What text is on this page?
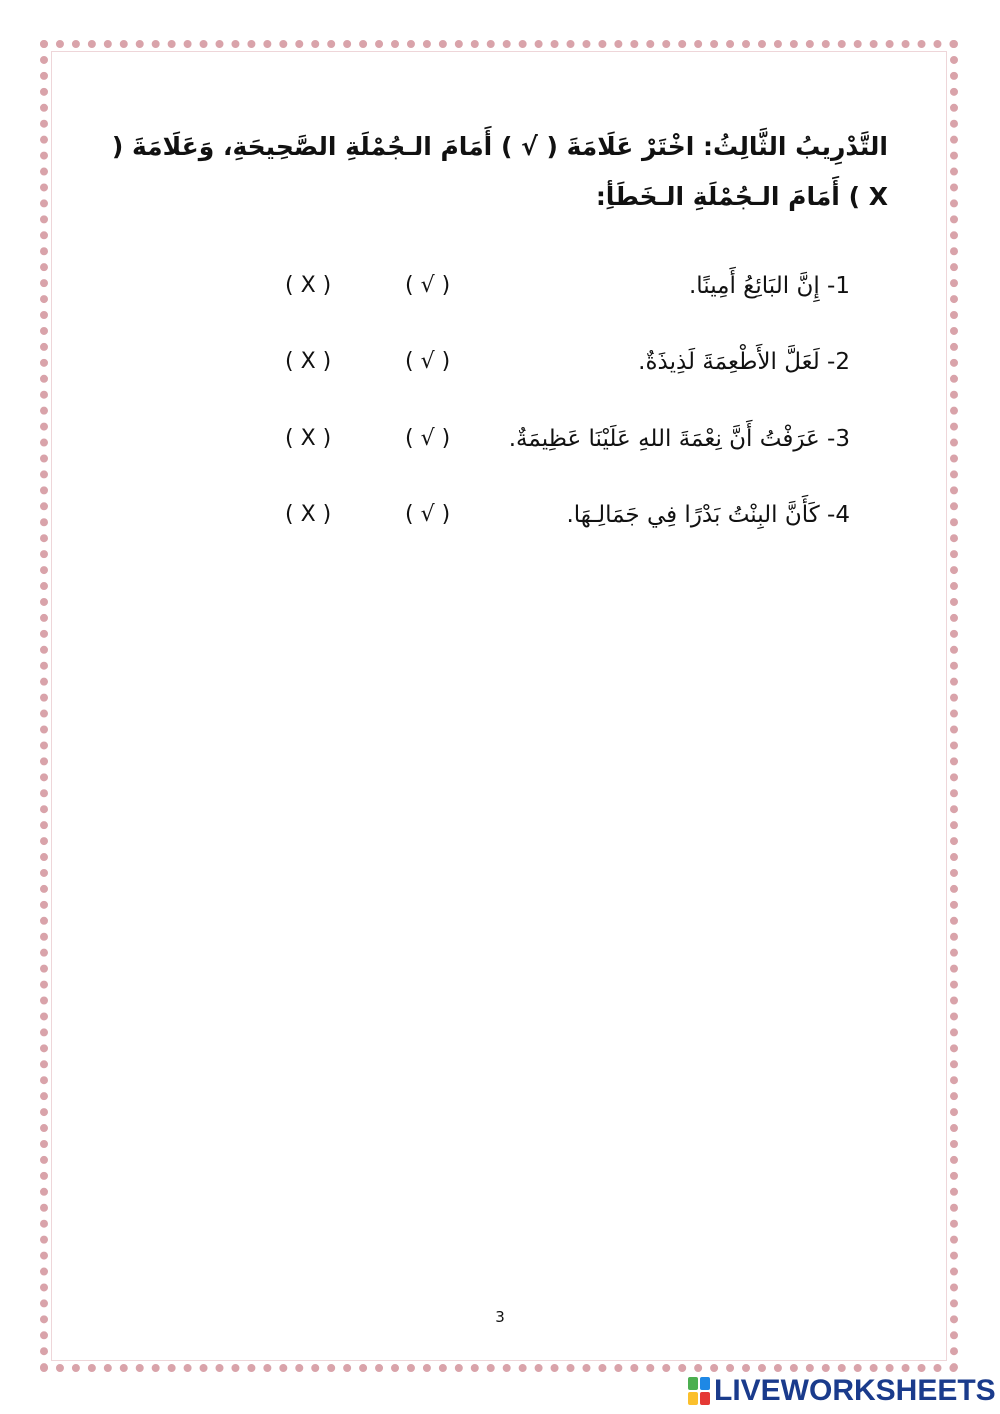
التَّدْرِيبُ الثَّالِثُ: اخْتَرْ عَلَامَةَ ( √ ) أَمَامَ الـجُمْلَةِ الصَّحِيحَةِ، وَعَلَامَةَ ( X ) أَمَامَ الـجُمْلَةِ الـخَطَأِ:
1- إِنَّ البَائِعُ أَمِينًا.
( √ )
( X )
2- لَعَلَّ الأَطْعِمَةَ لَذِيذَةٌ.
( √ )
( X )
3- عَرَفْتُ أَنَّ نِعْمَةَ اللهِ عَلَيْنَا عَظِيمَةٌ.
( √ )
( X )
4- كَأَنَّ البِنْتُ بَدْرًا فِي جَمَالِـهَا.
( √ )
( X )
3
LIVEWORKSHEETS
